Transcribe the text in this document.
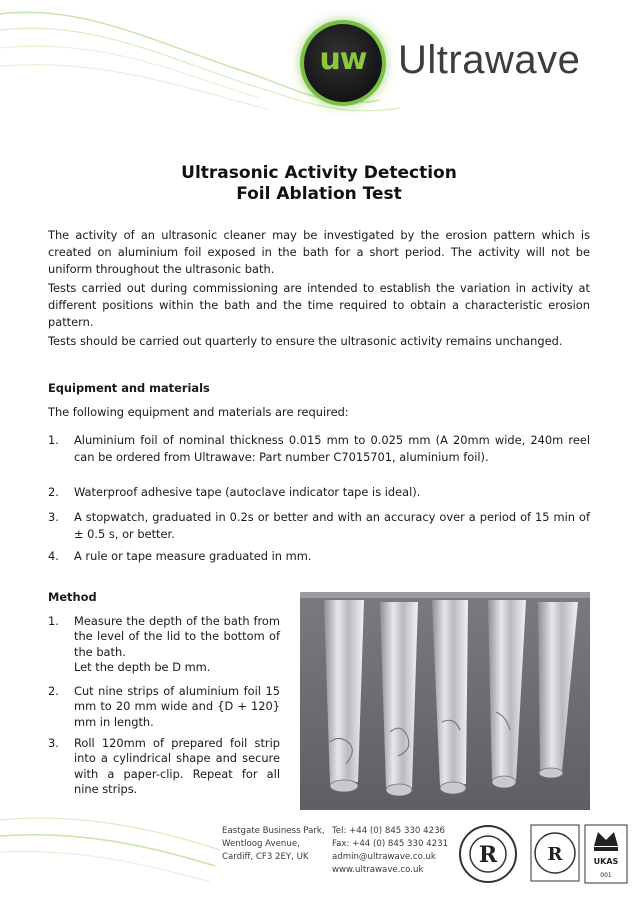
uw Ultrawave
Ultrasonic Activity Detection
Foil Ablation Test

The activity of an ultrasonic cleaner may be investigated by the erosion pattern which is created on aluminium foil exposed in the bath for a short period. The activity will not be uniform throughout the ultrasonic bath.

Tests carried out during commissioning are intended to establish the variation in activity at different positions within the bath and the time required to obtain a characteristic erosion pattern.

Tests should be carried out quarterly to ensure the ultrasonic activity remains unchanged.

Equipment and materials

The following equipment and materials are required:

1. Aluminium foil of nominal thickness 0.015 mm to 0.025 mm (A 20mm wide, 240m reel can be ordered from Ultrawave: Part number C7015701, aluminium foil).
2. Waterproof adhesive tape (autoclave indicator tape is ideal).
3. A stopwatch, graduated in 0.2s or better and with an accuracy over a period of 15 min of ± 0.5 s, or better.
4. A rule or tape measure graduated in mm.

Method

1. Measure the depth of the bath from the level of the lid to the bottom of the bath.
Let the depth be D mm.
2. Cut nine strips of aluminium foil 15 mm to 20 mm wide and {D + 120} mm in length.
3. Roll 120mm of prepared foil strip into a cylindrical shape and secure with a paper-clip. Repeat for all nine strips.
Eastgate Business Park,
Wentloog Avenue,
Cardiff, CF3 2EY, UK
Tel: +44 (0) 845 330 4236
Fax: +44 (0) 845 330 4231
admin@ultrawave.co.uk
www.ultrawave.co.uk
R	R	UKAS
001
